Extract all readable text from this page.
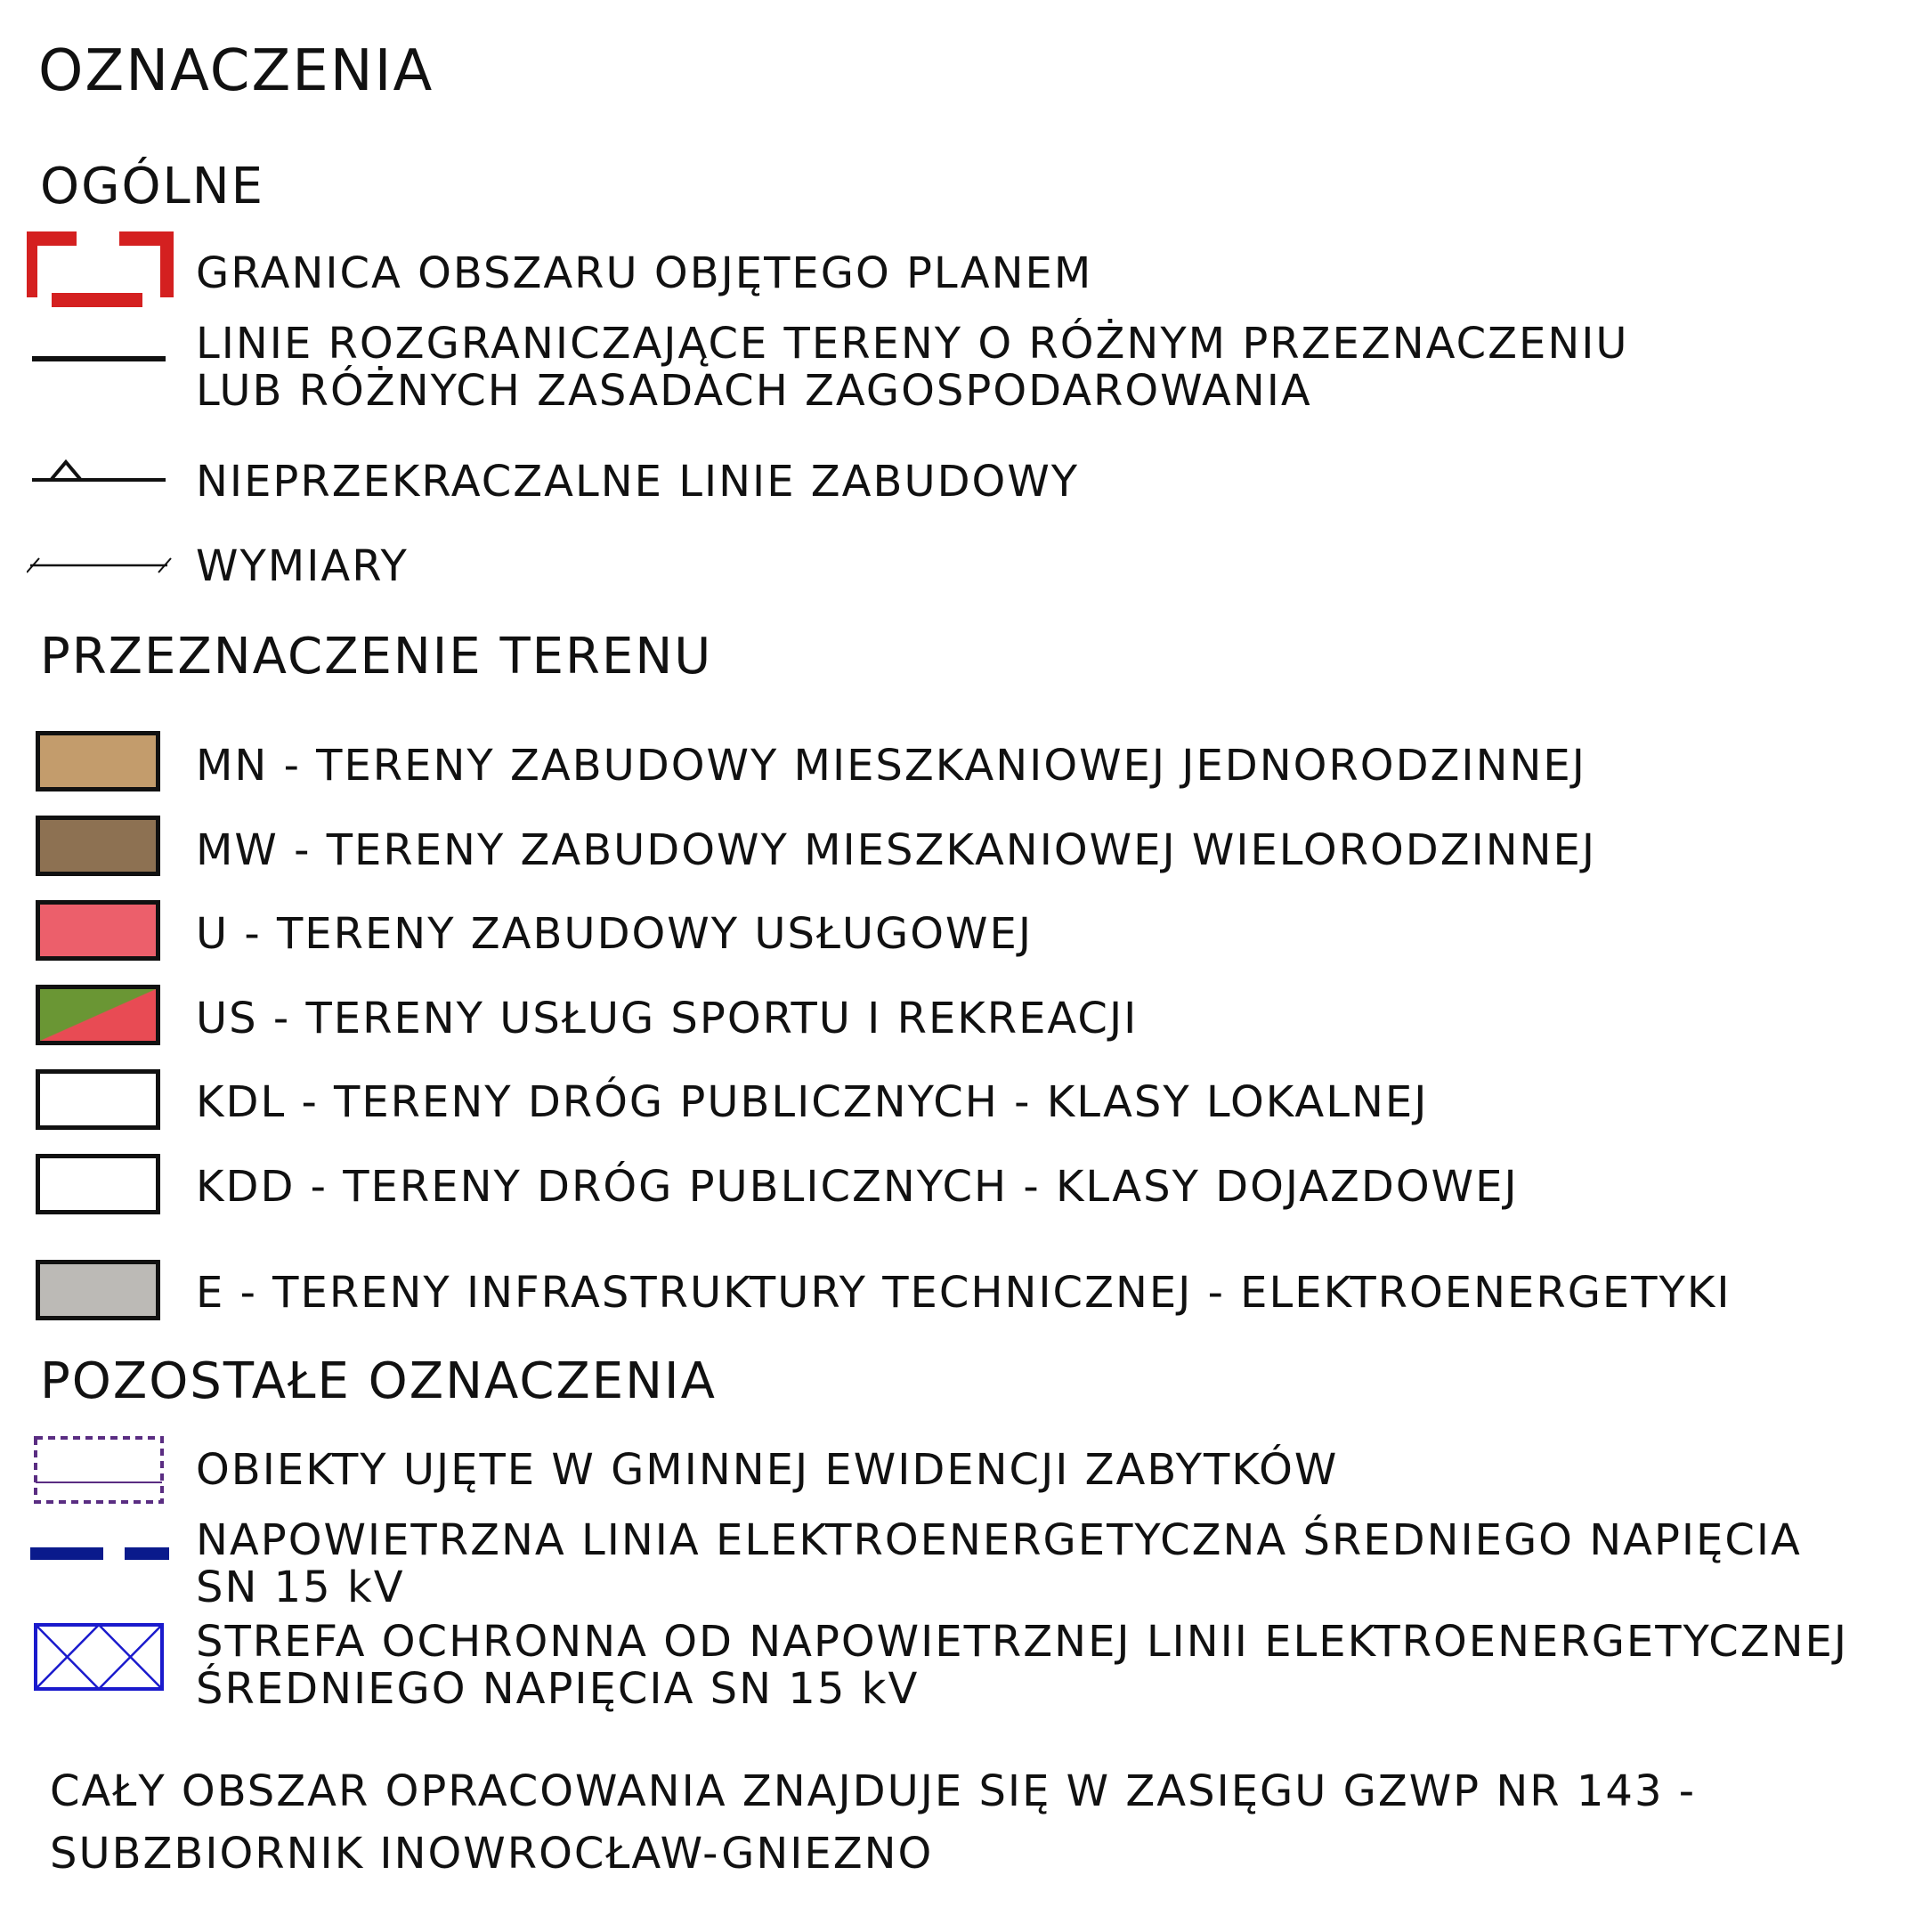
OZNACZENIA
OGÓLNE
GRANICA OBSZARU OBJĘTEGO PLANEM
LINIE ROZGRANICZAJĄCE TERENY O RÓŻNYM PRZEZNACZENIU
LUB RÓŻNYCH ZASADACH ZAGOSPODAROWANIA
NIEPRZEKRACZALNE LINIE ZABUDOWY
WYMIARY
PRZEZNACZENIE TERENU
MN - TERENY ZABUDOWY MIESZKANIOWEJ JEDNORODZINNEJ
MW - TERENY ZABUDOWY MIESZKANIOWEJ WIELORODZINNEJ
U - TERENY ZABUDOWY USŁUGOWEJ
US - TERENY USŁUG SPORTU I REKREACJI
KDL - TERENY DRÓG PUBLICZNYCH - KLASY LOKALNEJ
KDD - TERENY DRÓG PUBLICZNYCH - KLASY DOJAZDOWEJ
E - TERENY INFRASTRUKTURY TECHNICZNEJ - ELEKTROENERGETYKI
POZOSTAŁE OZNACZENIA
OBIEKTY UJĘTE W GMINNEJ EWIDENCJI ZABYTKÓW
NAPOWIETRZNA LINIA ELEKTROENERGETYCZNA ŚREDNIEGO NAPIĘCIA
SN 15 kV
STREFA OCHRONNA OD NAPOWIETRZNEJ LINII ELEKTROENERGETYCZNEJ
ŚREDNIEGO NAPIĘCIA SN 15 kV
CAŁY OBSZAR OPRACOWANIA ZNAJDUJE SIĘ W ZASIĘGU GZWP NR 143 -
SUBZBIORNIK INOWROCŁAW-GNIEZNO
